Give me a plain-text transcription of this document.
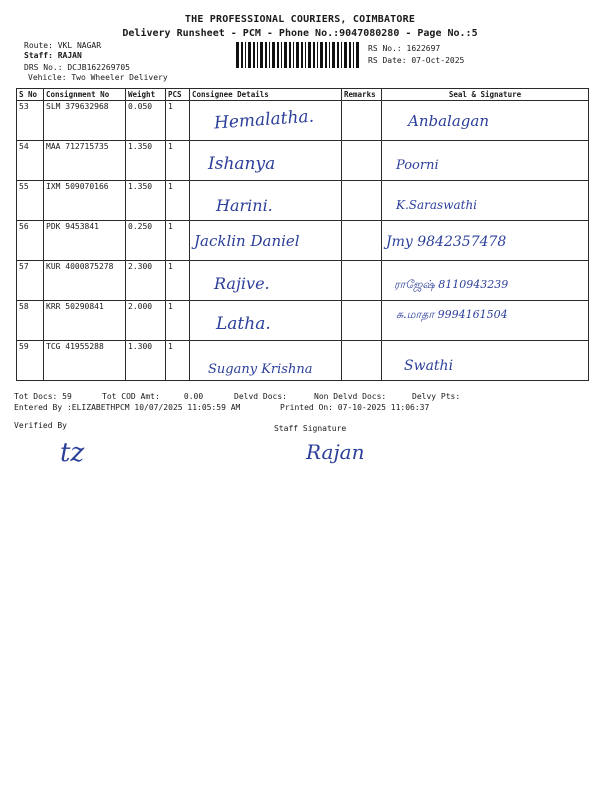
THE PROFESSIONAL COURIERS, COIMBATORE
Delivery Runsheet - PCM - Phone No.:9047080280 - Page No.:5
Route: VKL NAGAR
Staff: RAJAN
DRS No.: DCJB162269705
Vehicle: Two Wheeler Delivery
RS No.: 1622697
RS Date: 07-Oct-2025
S No	Consignment No	Weight	PCS	Consignee Details	Remarks	Seal & Signature
53	SLM 379632968	0.050	1	Hemalatha.		Anbalagan
54	MAA 712715735	1.350	1	Ishanya		Poorni
55	IXM 509070166	1.350	1	Harini.		K.Saraswathi
56	PDK 9453841	0.250	1	Jacklin Daniel		Jmy 9842357478
57	KUR 4000875278	2.300	1	Rajive.		ராஜேஷ் 8110943239
58	KRR 50290841	2.000	1	Latha.		சு.மாதா 9994161504
59	TCG 41955288	1.300	1	Sugany Krishna		Swathi
Tot Docs: 59	Tot COD Amt:     0.00	Delvd Docs:	Non Delvd Docs:	Delvy Pts:
Entered By :ELIZABETHPCM 10/07/2025 11:05:59 AM	Printed On: 07-10-2025 11:06:37
Verified By	Staff Signature
tz	Rajan
